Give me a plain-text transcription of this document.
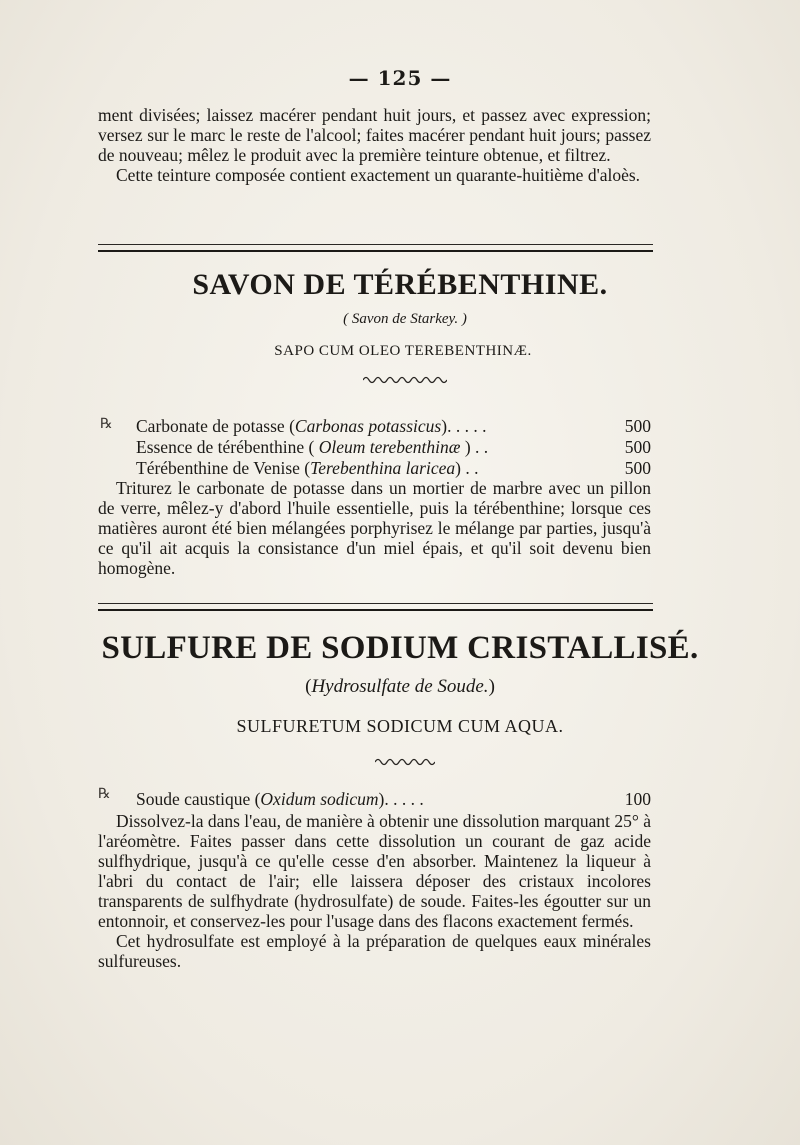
— 125 —

ment divisées; laissez macérer pendant huit jours, et passez avec expression; versez sur le marc le reste de l'alcool; faites macérer pendant huit jours; passez de nouveau; mêlez le produit avec la première teinture obtenue, et filtrez.

Cette teinture composée contient exactement un quarante-huitième d'aloès.

SAVON DE TÉRÉBENTHINE.
( Savon de Starkey. )
SAPO CUM OLEO TEREBENTHINÆ.
℞ Carbonate de potasse (Carbonas potassicus). . . . .	500
Essence de térébenthine ( Oleum terebenthinæ ) . .	500
Térébenthine de Venise (Terebenthina laricea) . .	500

Triturez le carbonate de potasse dans un mortier de marbre avec un pillon de verre, mêlez-y d'abord l'huile essentielle, puis la térébenthine; lorsque ces matières auront été bien mélangées porphyrisez le mélange par parties, jusqu'à ce qu'il ait acquis la consistance d'un miel épais, et qu'il soit devenu bien homogène.

SULFURE DE SODIUM CRISTALLISÉ.
(Hydrosulfate de Soude.)
SULFURETUM SODICUM CUM AQUA.
℞ Soude caustique (Oxidum sodicum). . . . .	100

Dissolvez-la dans l'eau, de manière à obtenir une dissolution marquant 25° à l'aréomètre. Faites passer dans cette dissolution un courant de gaz acide sulfhydrique, jusqu'à ce qu'elle cesse d'en absorber. Maintenez la liqueur à l'abri du contact de l'air; elle laissera déposer des cristaux incolores transparents de sulfhydrate (hydrosulfate) de soude. Faites-les égoutter sur un entonnoir, et conservez-les pour l'usage dans des flacons exactement fermés.

Cet hydrosulfate est employé à la préparation de quelques eaux minérales sulfureuses.
